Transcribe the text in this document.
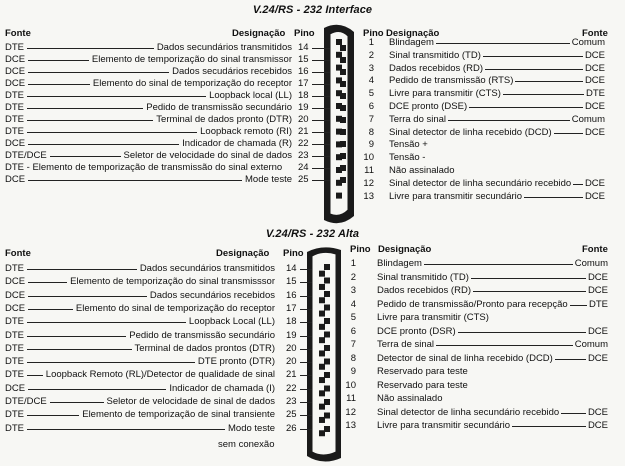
V.24/RS - 232 Interface
Fonte	Designação Pino	Pino Designação	Fonte
DTE	Dados secundários transmitidos 14
DCE	Elemento de temporização do sinal transmissor 15
DCE	Dados secudários recebidos 16
DCE	Elemento do sinal de temporização do receptor 17
DTE	Loopback local (LL) 18
DTE	Pedido de transmissão secundário 19
DTE	Terminal de dados pronto (DTR) 20
DTE	Loopback remoto (RI) 21
DCE	Indicador de chamada (R) 22
DTE/DCE	Seletor de velocidade do sinal de dados 23
DTE - Elemento de temporização de transmissão do sinal externo 24
DCE	Mode teste 25
1 Blindagem	Comum
2 Sinal transmitido (TD)	DCE
3 Dados recebidos (RD)	DCE
4 Pedido de transmissão (RTS)	DCE
5 Livre para transmitir (CTS)	DTE
6 DCE pronto (DSE)	DCE
7 Terra do sinal	Comum
8 Sinal detector de linha recebido (DCD)	DCE
9 Tensão +
10 Tensão -
11 Não assinalado
12 Sinal detector de linha secundário recebido DCE
13 Livre para transmitir secundário	DCE
V.24/RS - 232 Alta
Fonte	Designação Pino	Pino Designação	Fonte
DTE	Dados secundários transmitidos 14
DCE	Elemento de temporização do sinal transmisssor 15
DCE	Dados secundários recebidos 16
DCE	Elemento do sinal de temporização do receptor 17
DTE	Loopback Local (LL) 18
DTE	Pedido de transmissão secundário 19
DTE	Terminal de dados prontos (DTR) 20
DTE	DTE pronto (DTR) 20
DTE Loopback Remoto (RL)/Detector de qualidade de sinal 21
DCE	Indicador de chamada (I) 22
DTE/DCE	Seletor de velocidade de sinal de dados 23
DTE	Elemento de temporização de sinal transiente 25
DTE	Modo teste 26
1 Blindagem	Comum
2 Sinal transmitido (TD)	DCE
3 Dados recebidos (RD)	DCE
4 Pedido de transmissão/Pronto para recepção DTE
5 Livre para transmitir (CTS)
6 DCE pronto (DSR)	DCE
7 Terra de sinal	Comum
8 Detector de sinal de linha recebido (DCD)	DCE
9 Reservado para teste
10 Reservado para teste
11 Não assinalado
12 Sinal detector de linha secundário recebido	DCE
13 Livre para transmitir secundário	DCE
sem conexão
